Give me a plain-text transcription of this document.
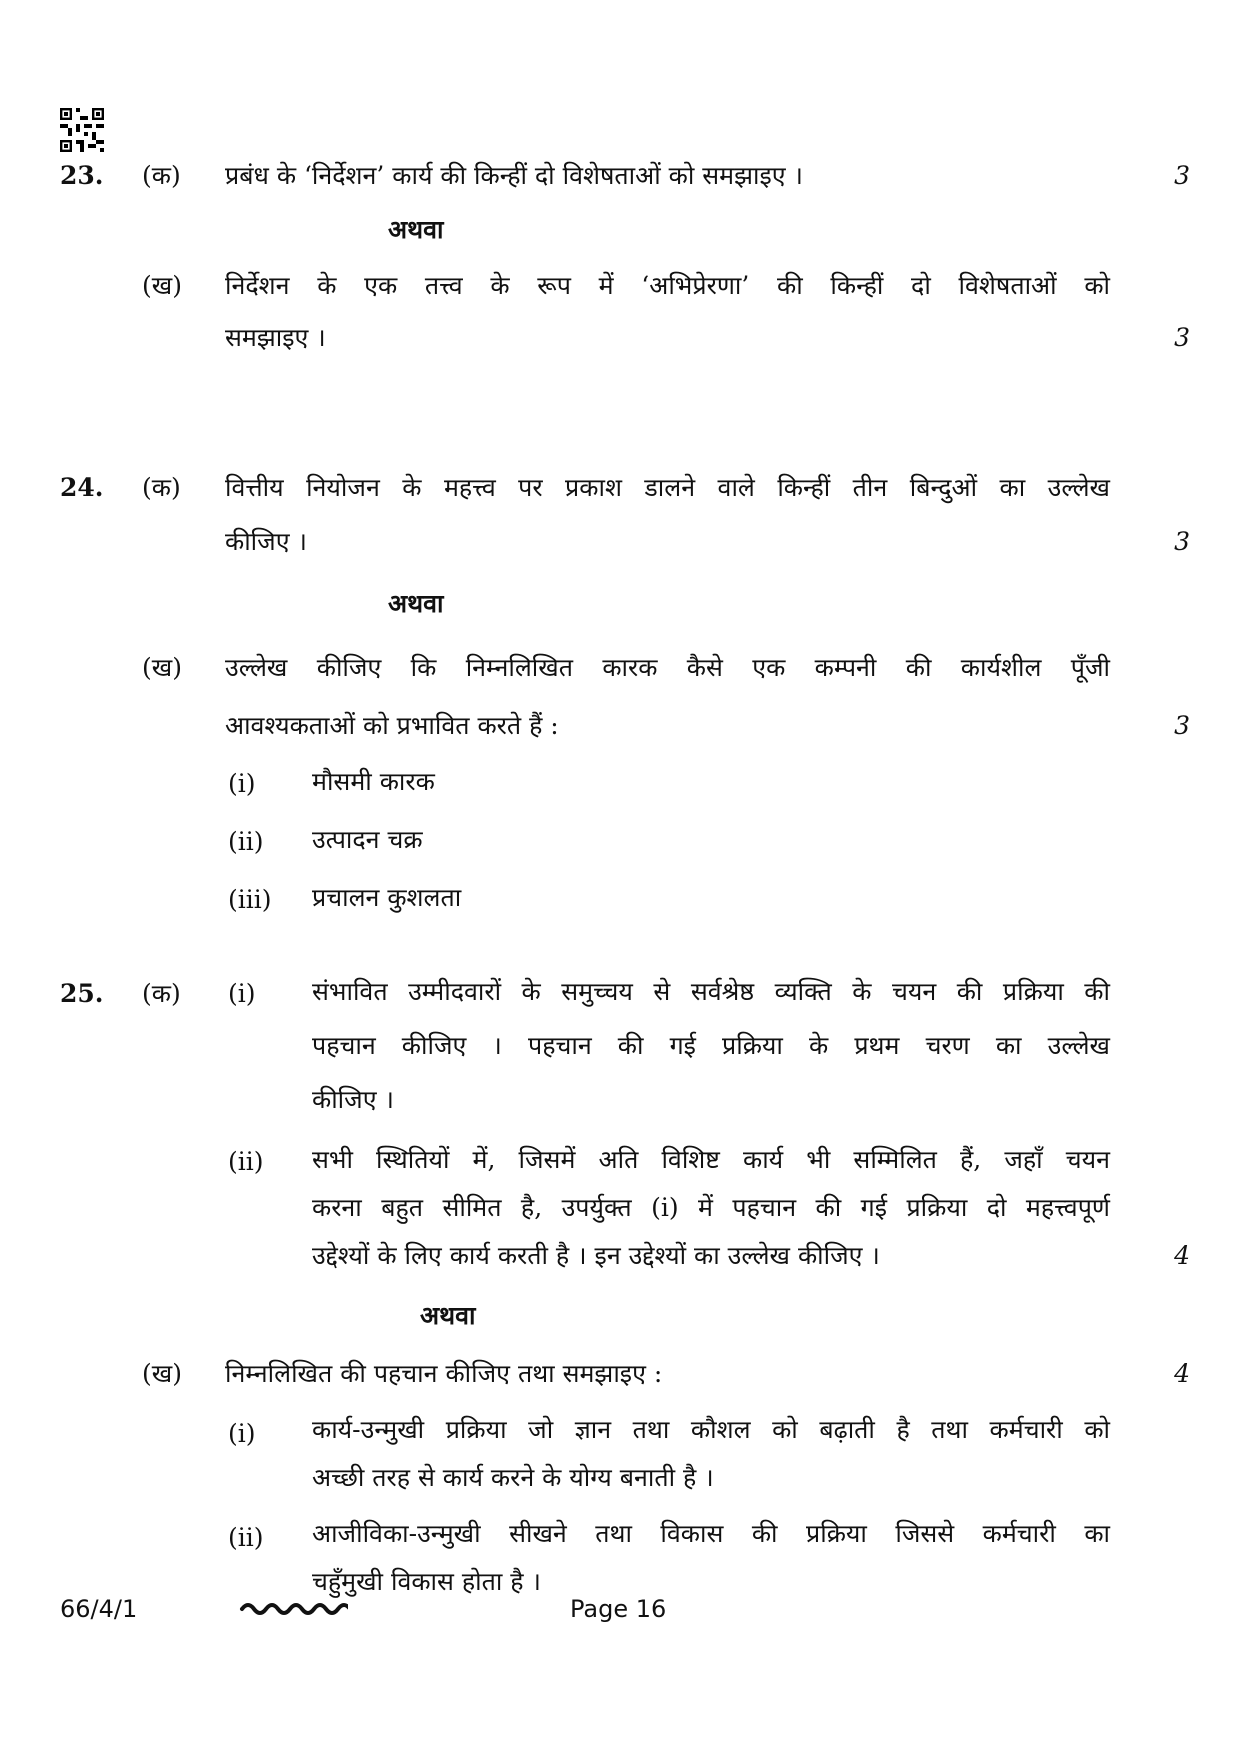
23. (क) प्रबंध के ‘निर्देशन’ कार्य की किन्हीं दो विशेषताओं को समझाइए ।	3
अथवा
(ख) निर्देशन के एक तत्त्व के रूप में ‘अभिप्रेरणा’ की किन्हीं दो विशेषताओं को
समझाइए ।	3
24. (क) वित्तीय नियोजन के महत्त्व पर प्रकाश डालने वाले किन्हीं तीन बिन्दुओं का उल्लेख
कीजिए ।	3
अथवा
(ख) उल्लेख कीजिए कि निम्नलिखित कारक कैसे एक कम्पनी की कार्यशील पूँजी
आवश्यकताओं को प्रभावित करते हैं :	3
(i) मौसमी कारक
(ii) उत्पादन चक्र
(iii) प्रचालन कुशलता
25. (क) (i) संभावित उम्मीदवारों के समुच्चय से सर्वश्रेष्ठ व्यक्ति के चयन की प्रक्रिया की
पहचान कीजिए । पहचान की गई प्रक्रिया के प्रथम चरण का उल्लेख
कीजिए ।
(ii) सभी स्थितियों में, जिसमें अति विशिष्ट कार्य भी सम्मिलित हैं, जहाँ चयन
करना बहुत सीमित है, उपर्युक्त (i) में पहचान की गई प्रक्रिया दो महत्त्वपूर्ण
उद्देश्यों के लिए कार्य करती है । इन उद्देश्यों का उल्लेख कीजिए ।	4
अथवा
(ख) निम्नलिखित की पहचान कीजिए तथा समझाइए :	4
(i) कार्य-उन्मुखी प्रक्रिया जो ज्ञान तथा कौशल को बढ़ाती है तथा कर्मचारी को
अच्छी तरह से कार्य करने के योग्य बनाती है ।
(ii) आजीविका-उन्मुखी सीखने तथा विकास की प्रक्रिया जिससे कर्मचारी का
चहुँमुखी विकास होता है ।
66/4/1	Page 16
